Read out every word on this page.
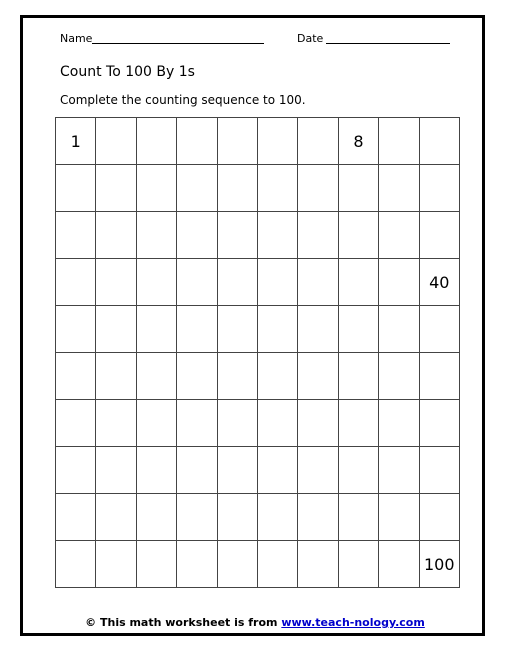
Name	Date
Count To 100 By 1s
Complete the counting sequence to 100.
1							8		

									40

									100
© This math worksheet is from www.teach-nology.com
